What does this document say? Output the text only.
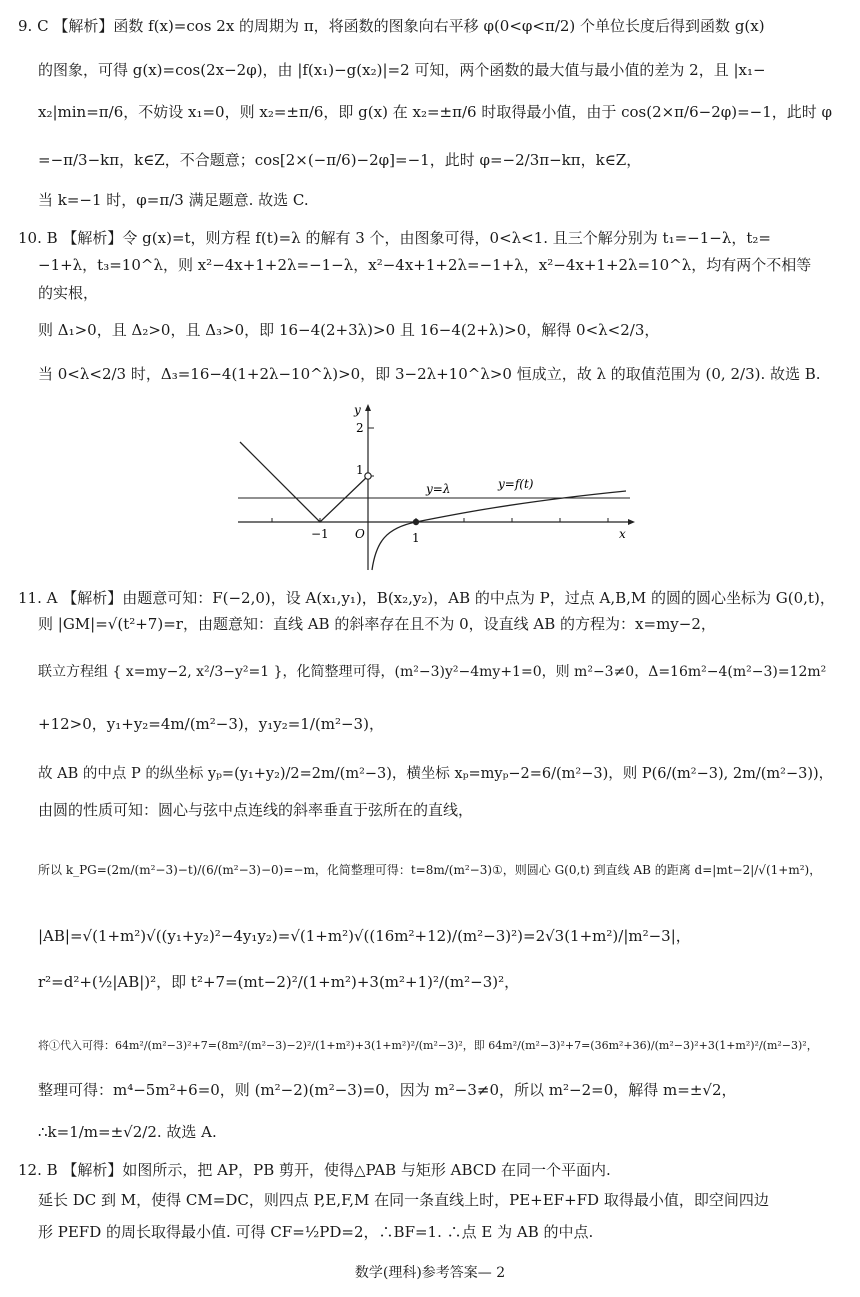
9. C 【解析】函数 f(x)=cos 2x 的周期为 π，将函数的图象向右平移 φ(0<φ<π/2) 个单位长度后得到函数 g(x)
的图象，可得 g(x)=cos(2x−2φ)，由 |f(x₁)−g(x₂)|=2 可知，两个函数的最大值与最小值的差为 2，且 |x₁−
x₂|min=π/6，不妨设 x₁=0，则 x₂=±π/6，即 g(x) 在 x₂=±π/6 时取得最小值，由于 cos(2×π/6−2φ)=−1，此时 φ
=−π/3−kπ，k∈Z，不合题意；cos[2×(−π/6)−2φ]=−1，此时 φ=−2/3π−kπ，k∈Z，
当 k=−1 时，φ=π/3 满足题意. 故选 C.
10. B 【解析】令 g(x)=t，则方程 f(t)=λ 的解有 3 个，由图象可得，0<λ<1. 且三个解分别为 t₁=−1−λ，t₂=
−1+λ，t₃=10^λ，则 x²−4x+1+2λ=−1−λ，x²−4x+1+2λ=−1+λ，x²−4x+1+2λ=10^λ，均有两个不相等
的实根，
则 Δ₁>0，且 Δ₂>0，且 Δ₃>0，即 16−4(2+3λ)>0 且 16−4(2+λ)>0，解得 0<λ<2/3，
当 0<λ<2/3 时，Δ₃=16−4(1+2λ−10^λ)>0，即 3−2λ+10^λ>0 恒成立，故 λ 的取值范围为 (0, 2/3). 故选 B.
y
x
2
1
−1	1
O
y=λ	y=f(t)
11. A 【解析】由题意可知：F(−2,0)，设 A(x₁,y₁)，B(x₂,y₂)，AB 的中点为 P，过点 A,B,M 的圆的圆心坐标为 G(0,t)，
则 |GM|=√(t²+7)=r，由题意知：直线 AB 的斜率存在且不为 0，设直线 AB 的方程为：x=my−2，
联立方程组 { x=my−2, x²/3−y²=1 }，化简整理可得，(m²−3)y²−4my+1=0，则 m²−3≠0，Δ=16m²−4(m²−3)=12m²
+12>0，y₁+y₂=4m/(m²−3)，y₁y₂=1/(m²−3)，
故 AB 的中点 P 的纵坐标 yₚ=(y₁+y₂)/2=2m/(m²−3)，横坐标 xₚ=myₚ−2=6/(m²−3)，则 P(6/(m²−3), 2m/(m²−3))，
由圆的性质可知：圆心与弦中点连线的斜率垂直于弦所在的直线，
所以 k_PG=(2m/(m²−3)−t)/(6/(m²−3)−0)=−m，化简整理可得：t=8m/(m²−3)①，则圆心 G(0,t) 到直线 AB 的距离 d=|mt−2|/√(1+m²)，
|AB|=√(1+m²)√((y₁+y₂)²−4y₁y₂)=√(1+m²)√((16m²+12)/(m²−3)²)=2√3(1+m²)/|m²−3|，
r²=d²+(½|AB|)²，即 t²+7=(mt−2)²/(1+m²)+3(m²+1)²/(m²−3)²，
将①代入可得：64m²/(m²−3)²+7=(8m²/(m²−3)−2)²/(1+m²)+3(1+m²)²/(m²−3)²，即 64m²/(m²−3)²+7=(36m²+36)/(m²−3)²+3(1+m²)²/(m²−3)²，
整理可得：m⁴−5m²+6=0，则 (m²−2)(m²−3)=0，因为 m²−3≠0，所以 m²−2=0，解得 m=±√2，
∴k=1/m=±√2/2. 故选 A.
12. B 【解析】如图所示，把 AP，PB 剪开，使得△PAB 与矩形 ABCD 在同一个平面内.
延长 DC 到 M，使得 CM=DC，则四点 P,E,F,M 在同一条直线上时，PE+EF+FD 取得最小值，即空间四边
形 PEFD 的周长取得最小值. 可得 CF=½PD=2，∴BF=1. ∴点 E 为 AB 的中点.
数学(理科)参考答案— 2
